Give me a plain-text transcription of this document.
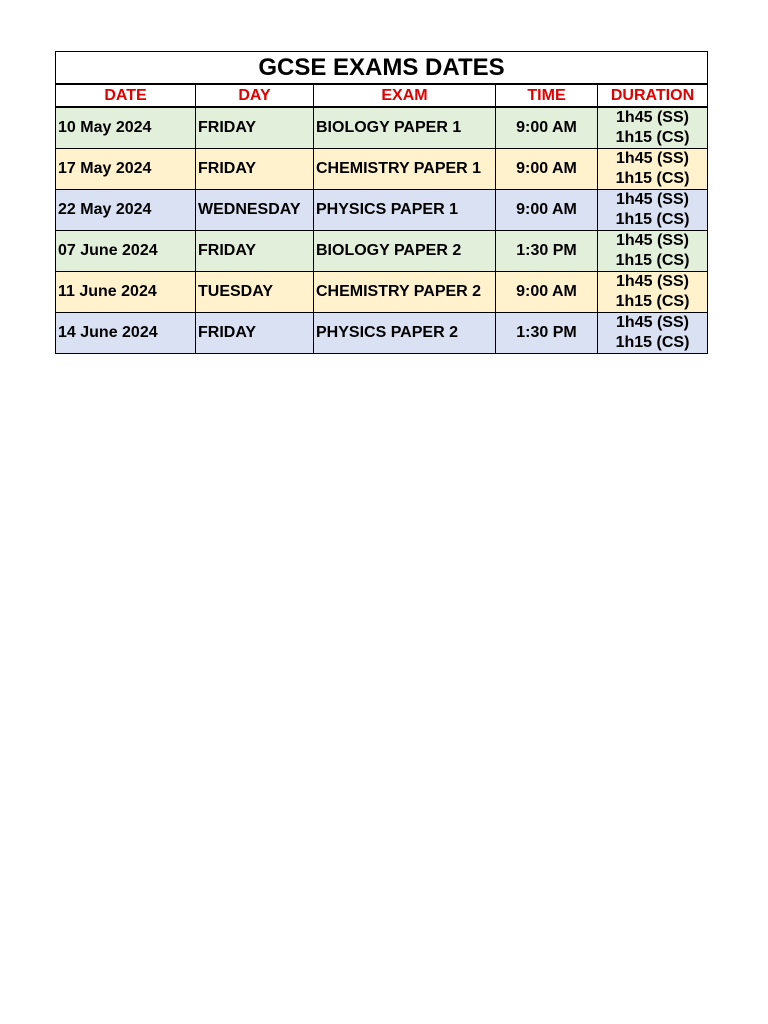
GCSE EXAMS DATES				
DATE	DAY	EXAM	TIME	DURATION
10 May 2024	FRIDAY	BIOLOGY PAPER 1	9:00 AM	1h45 (SS)
1h15 (CS)

17 May 2024	FRIDAY	CHEMISTRY PAPER 1	9:00 AM	1h45 (SS)
1h15 (CS)

22 May 2024	WEDNESDAY	PHYSICS PAPER 1	9:00 AM	1h45 (SS)
1h15 (CS)

07 June 2024	FRIDAY	BIOLOGY PAPER 2	1:30 PM	1h45 (SS)
1h15 (CS)

11 June 2024	TUESDAY	CHEMISTRY PAPER 2	9:00 AM	1h45 (SS)
1h15 (CS)

14 June 2024	FRIDAY	PHYSICS PAPER 2	1:30 PM	1h45 (SS)
1h15 (CS)
